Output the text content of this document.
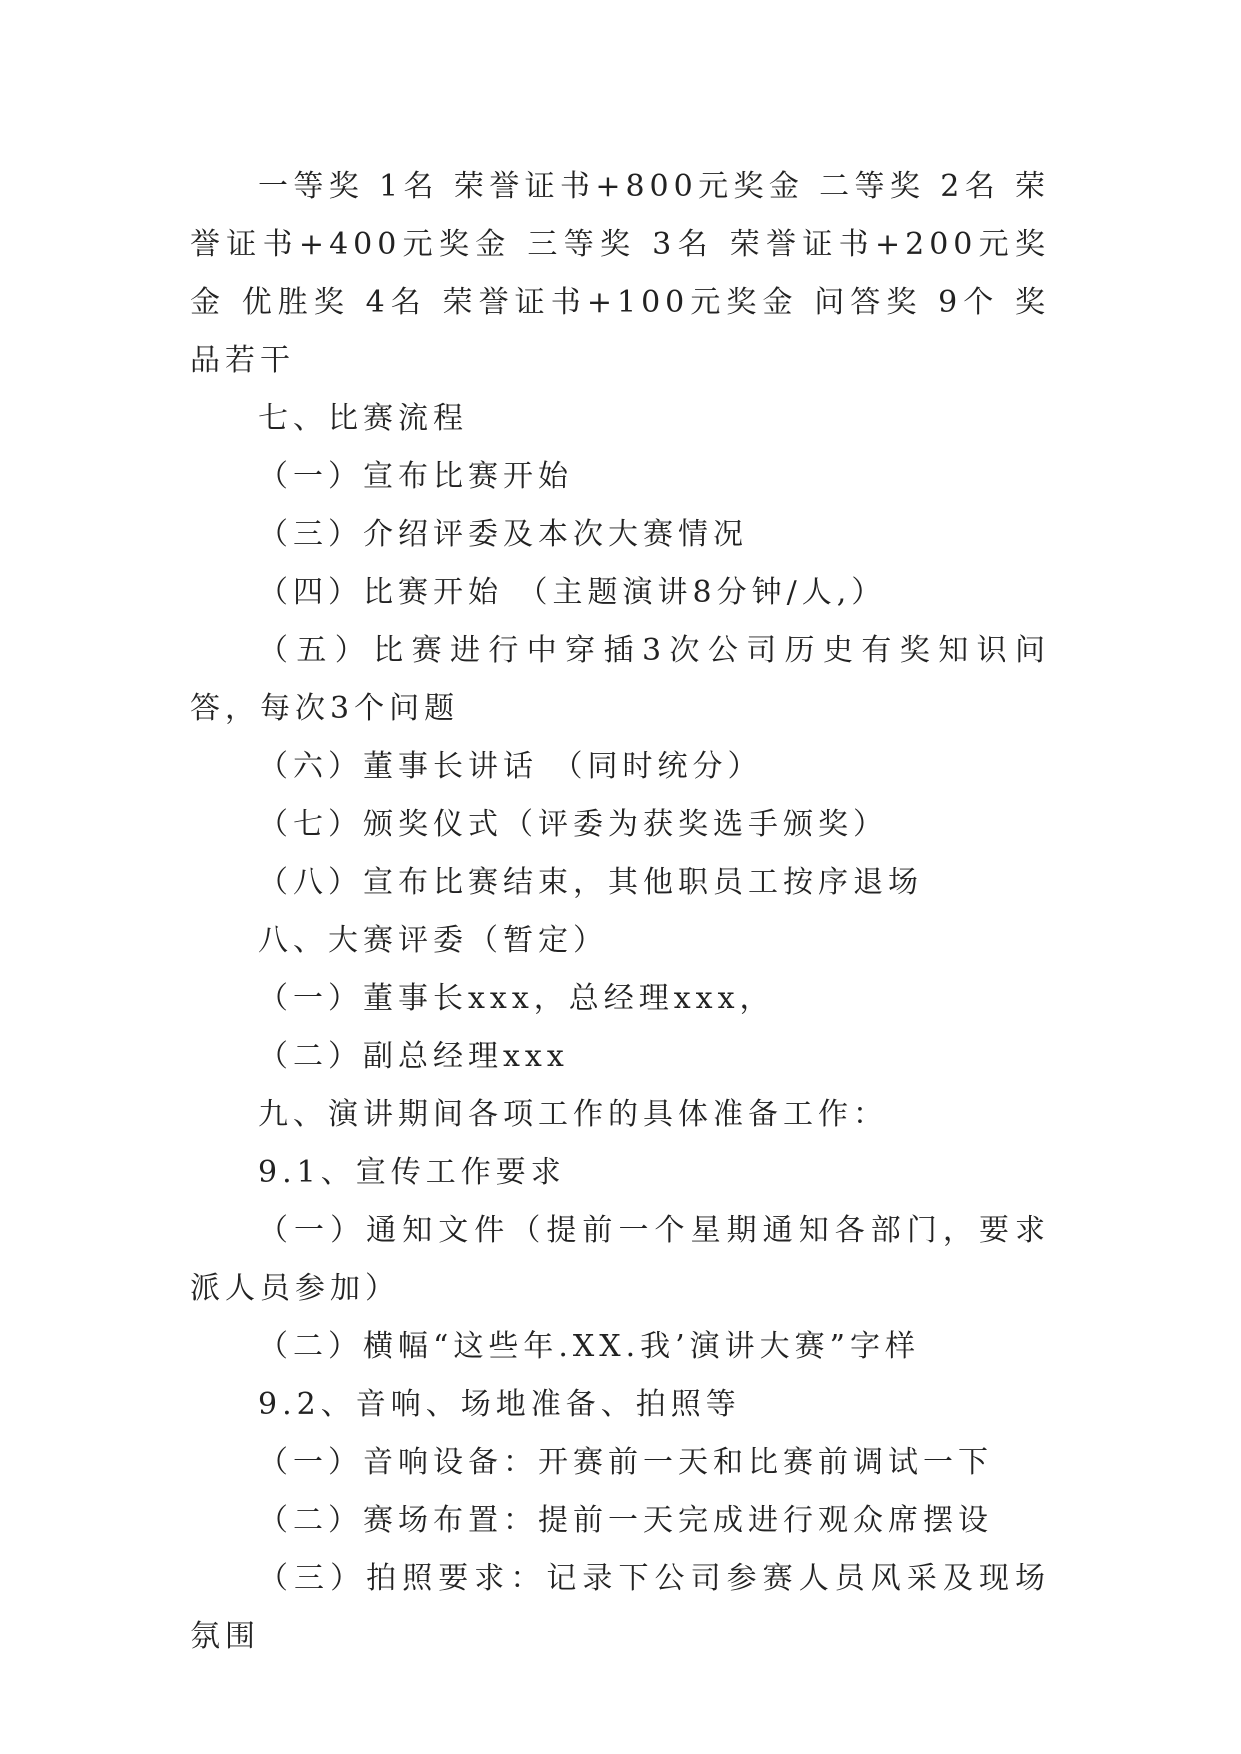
一等奖 1名 荣誉证书+800元奖金 二等奖 2名 荣誉证书+400元奖金 三等奖 3名 荣誉证书+200元奖金 优胜奖 4名 荣誉证书+100元奖金 问答奖 9个 奖品若干

七、比赛流程

（一）宣布比赛开始

（三）介绍评委及本次大赛情况

（四）比赛开始 （主题演讲8分钟/人,）

（五）比赛进行中穿插3次公司历史有奖知识问答，每次3个问题

（六）董事长讲话 （同时统分）

（七）颁奖仪式（评委为获奖选手颁奖）

（八）宣布比赛结束，其他职员工按序退场

八、大赛评委（暂定）

（一）董事长xxx，总经理xxx，

（二）副总经理xxx

九、演讲期间各项工作的具体准备工作：

9.1、宣传工作要求

（一）通知文件（提前一个星期通知各部门，要求派人员参加）

（二）横幅“这些年.XX.我’演讲大赛”字样

9.2、音响、场地准备、拍照等

（一）音响设备：开赛前一天和比赛前调试一下

（二）赛场布置：提前一天完成进行观众席摆设

（三）拍照要求：记录下公司参赛人员风采及现场氛围
